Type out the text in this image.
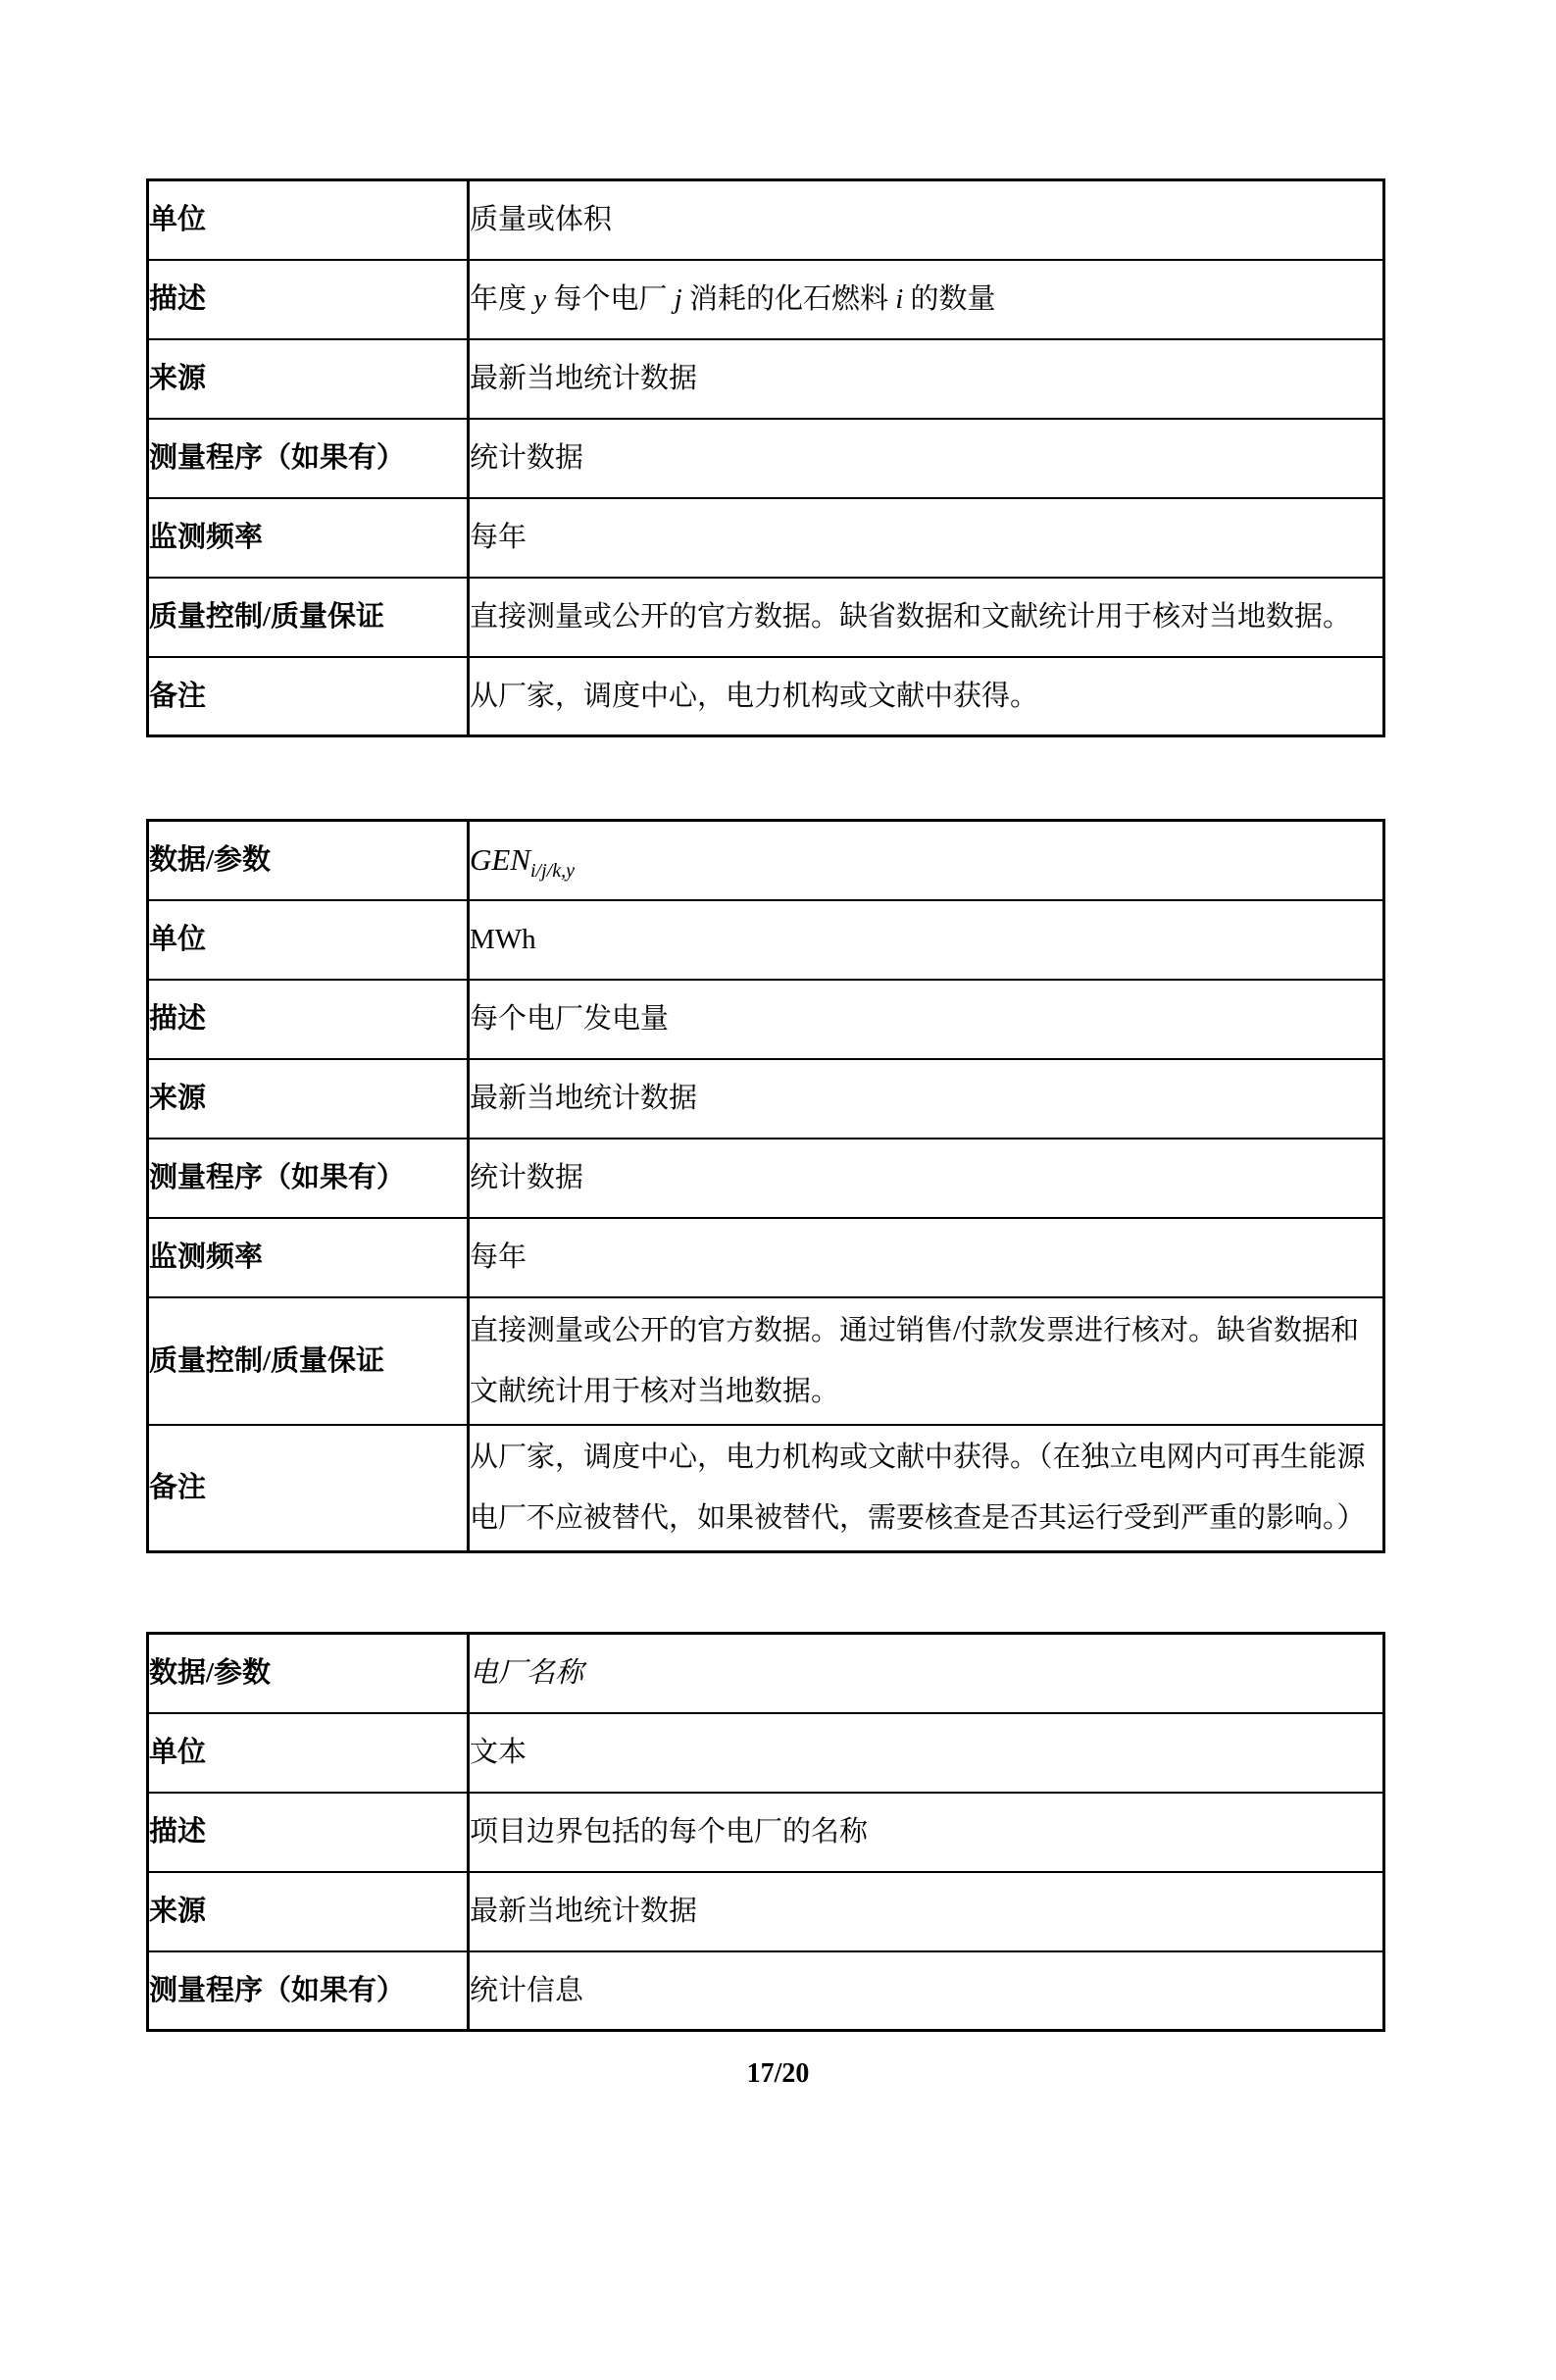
单位	质量或体积
描述	年度 y 每个电厂 j 消耗的化石燃料 i 的数量
来源	最新当地统计数据
测量程序（如果有）	统计数据
监测频率	每年
质量控制/质量保证	直接测量或公开的官方数据。缺省数据和文献统计用于核对当地数据。
备注	从厂家，调度中心，电力机构或文献中获得。
数据/参数	$GEN_{i/j/k,y}$
单位	MWh
描述	每个电厂发电量
来源	最新当地统计数据
测量程序（如果有）	统计数据
监测频率	每年
质量控制/质量保证	直接测量或公开的官方数据。通过销售/付款发票进行核对。缺省数据和文献统计用于核对当地数据。
备注	从厂家，调度中心，电力机构或文献中获得。（在独立电网内可再生能源电厂不应被替代，如果被替代，需要核查是否其运行受到严重的影响。）
数据/参数	电厂名称
单位	文本
描述	项目边界包括的每个电厂的名称
来源	最新当地统计数据
测量程序（如果有）	统计信息
17/20
